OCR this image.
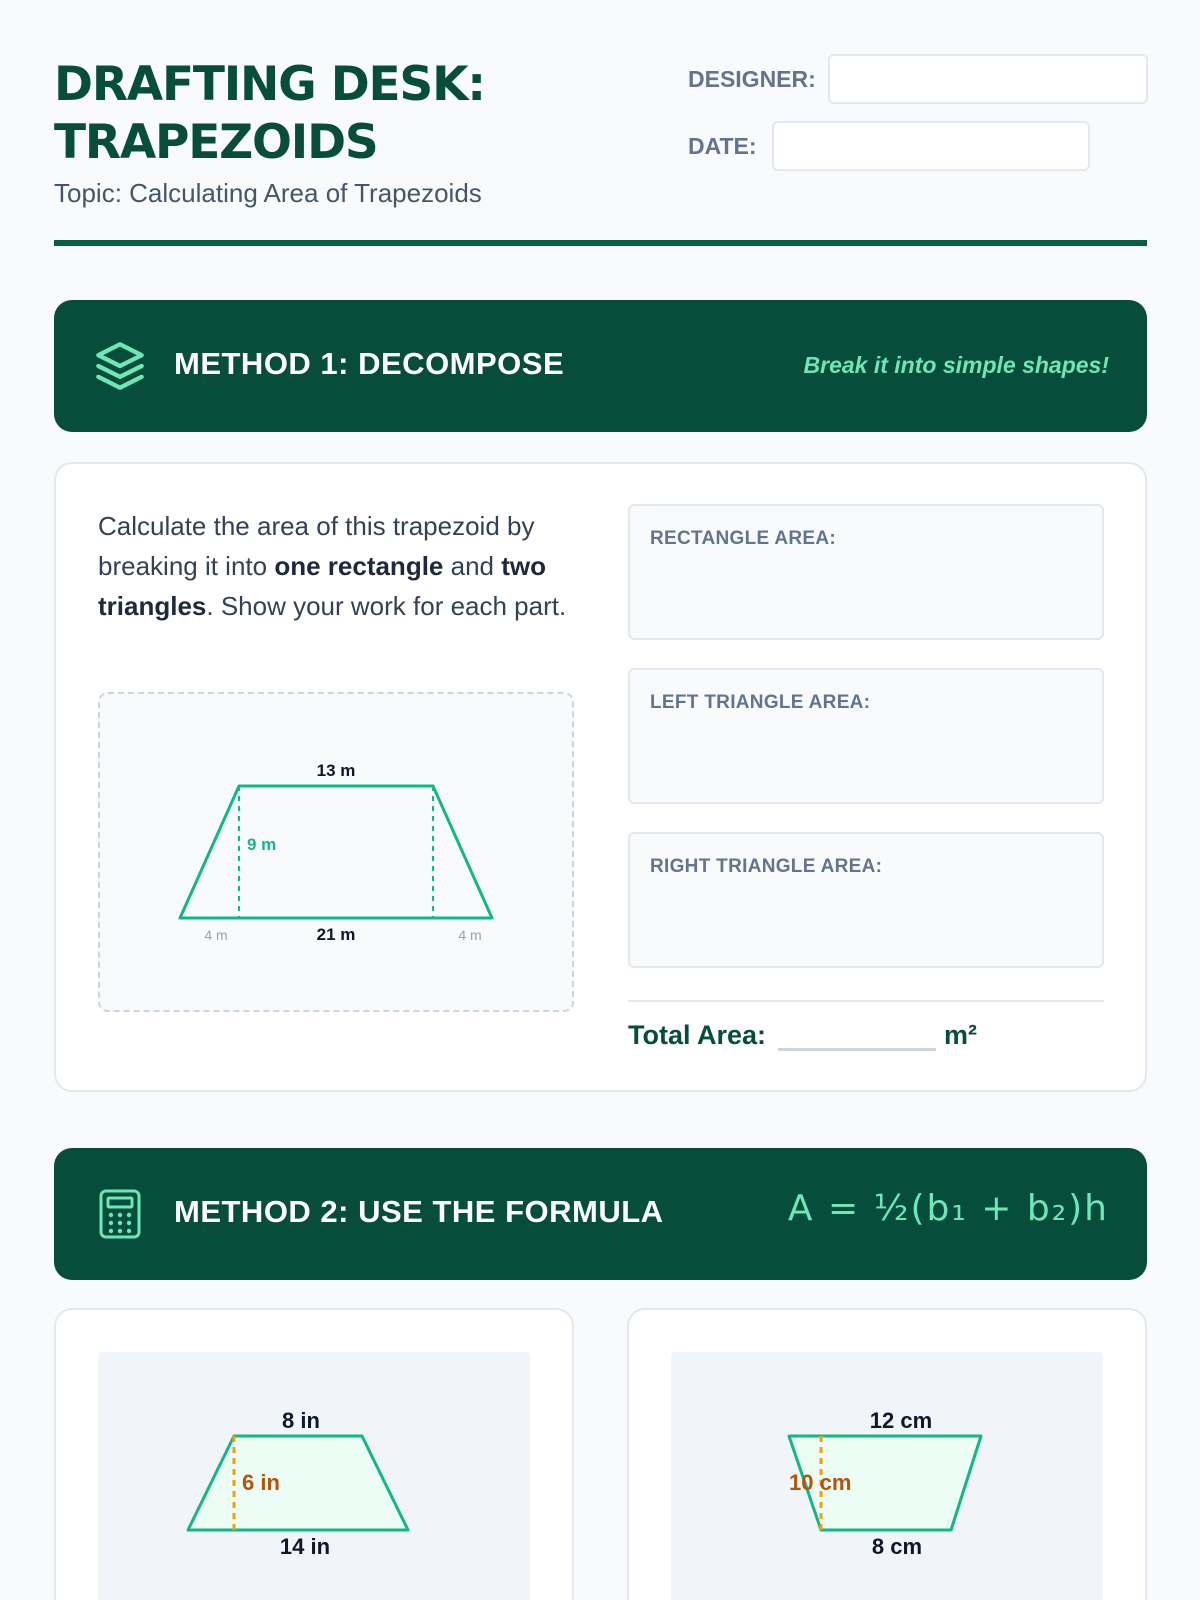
DRAFTING DESK:
TRAPEZOIDS
Topic: Calculating Area of Trapezoids
DESIGNER:
DATE:
METHOD 1: DECOMPOSE	Break it into simple shapes!
Calculate the area of this trapezoid by breaking it into one rectangle and two triangles. Show your work for each part.
13 m
9 m
21 m
4 m	4 m
RECTANGLE AREA:
LEFT TRIANGLE AREA:
RIGHT TRIANGLE AREA:
Total Area:	m²
METHOD 2: USE THE FORMULA	A = ½(b₁ + b₂)h
8 in
6 in
14 in
12 cm
10 cm
8 cm
